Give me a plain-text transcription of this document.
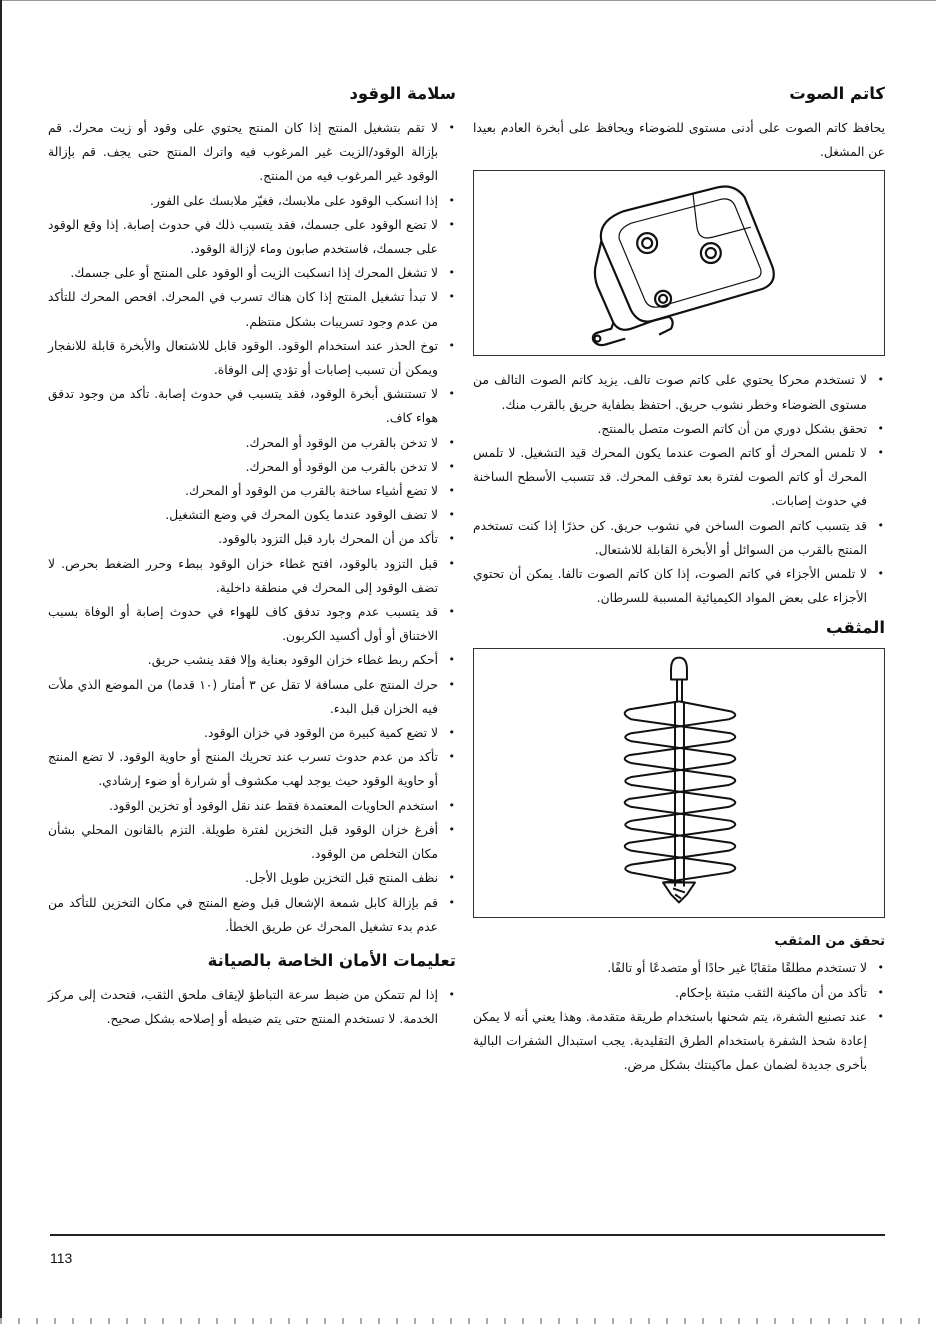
كاتم الصوت

يحافظ كاتم الصوت على أدنى مستوى للضوضاء ويحافظ على أبخرة العادم بعيدا عن المشغل.

•
لا تستخدم محركا يحتوي على كاتم صوت تالف. يزيد كاتم الصوت التالف من مستوى الضوضاء وخطر نشوب حريق. احتفظ بطفاية حريق بالقرب منك.
•
تحقق بشكل دوري من أن كاتم الصوت متصل بالمنتج.
•
لا تلمس المحرك أو كاتم الصوت عندما يكون المحرك قيد التشغيل. لا تلمس المحرك أو كاتم الصوت لفترة بعد توقف المحرك. قد تتسبب الأسطح الساخنة في حدوث إصابات.
•
قد يتسبب كاتم الصوت الساخن في نشوب حريق. كن حذرًا إذا كنت تستخدم المنتج بالقرب من السوائل أو الأبخرة القابلة للاشتعال.
•
لا تلمس الأجزاء في كاتم الصوت، إذا كان كاتم الصوت تالفا. يمكن أن تحتوي الأجزاء على بعض المواد الكيميائية المسببة للسرطان.
المثقب
تحقق من المثقب
•
لا تستخدم مطلقًا مثقابًا غير حادًا أو متصدعًا أو تالفًا.
•
تأكد من أن ماكينة الثقب مثبتة بإحكام.
•
عند تصنيع الشفرة، يتم شحنها باستخدام طريقة متقدمة. وهذا يعني أنه لا يمكن إعادة شحذ الشفرة باستخدام الطرق التقليدية. يجب استبدال الشفرات البالية بأخرى جديدة لضمان عمل ماكينتك بشكل مرض.
سلامة الوقود
•
لا تقم بتشغيل المنتج إذا كان المنتج يحتوي على وقود أو زيت محرك. قم بإزالة الوقود/الزيت غير المرغوب فيه واترك المنتج حتى يجف. قم بإزالة الوقود غير المرغوب فيه من المنتج.
•
إذا انسكب الوقود على ملابسك، فغيّر ملابسك على الفور.
•
لا تضع الوقود على جسمك، فقد يتسبب ذلك في حدوث إصابة. إذا وقع الوقود على جسمك، فاستخدم صابون وماء لإزالة الوقود.
•
لا تشغل المحرك إذا انسكبت الزيت أو الوقود على المنتج أو على جسمك.
•
لا تبدأ تشغيل المنتج إذا كان هناك تسرب في المحرك. افحص المحرك للتأكد من عدم وجود تسريبات بشكل منتظم.
•
توخ الحذر عند استخدام الوقود. الوقود قابل للاشتعال والأبخرة قابلة للانفجار ويمكن أن تسبب إصابات أو تؤدي إلى الوفاة.
•
لا تستنشق أبخرة الوقود، فقد يتسبب في حدوث إصابة. تأكد من وجود تدفق هواء كاف.
•
لا تدخن بالقرب من الوقود أو المحرك.
•
لا تدخن بالقرب من الوقود أو المحرك.
•
لا تضع أشياء ساخنة بالقرب من الوقود أو المحرك.
•
لا تضف الوقود عندما يكون المحرك في وضع التشغيل.
•
تأكد من أن المحرك بارد قبل التزود بالوقود.
•
قبل التزود بالوقود، افتح غطاء خزان الوقود ببطء وحرر الضغط بحرص. لا تضف الوقود إلى المحرك في منطقة داخلية.
•
قد يتسبب عدم وجود تدفق كاف للهواء في حدوث إصابة أو الوفاة بسبب الاختناق أو أول أكسيد الكربون.
•
أحكم ربط غطاء خزان الوقود بعناية وإلا فقد ينشب حريق.
•
حرك المنتج على مسافة لا تقل عن ٣ أمتار (١٠ قدما) من الموضع الذي ملأت فيه الخزان قبل البدء.
•
لا تضع كمية كبيرة من الوقود في خزان الوقود.
•
تأكد من عدم حدوث تسرب عند تحريك المنتج أو حاوية الوقود. لا تضع المنتج أو حاوية الوقود حيث يوجد لهب مكشوف أو شرارة أو ضوء إرشادي.
•
استخدم الحاويات المعتمدة فقط عند نقل الوقود أو تخزين الوقود.
•
أفرغ خزان الوقود قبل التخزين لفترة طويلة. التزم بالقانون المحلي بشأن مكان التخلص من الوقود.
•
نظف المنتج قبل التخزين طويل الأجل.
•
قم بإزالة كابل شمعة الإشعال قبل وضع المنتج في مكان التخزين للتأكد من عدم بدء تشغيل المحرك عن طريق الخطأ.
تعليمات الأمان الخاصة بالصيانة
•
إذا لم تتمكن من ضبط سرعة التباطؤ لإيقاف ملحق الثقب، فتحدث إلى مركز الخدمة. لا تستخدم المنتج حتى يتم ضبطه أو إصلاحه بشكل صحيح.
113
